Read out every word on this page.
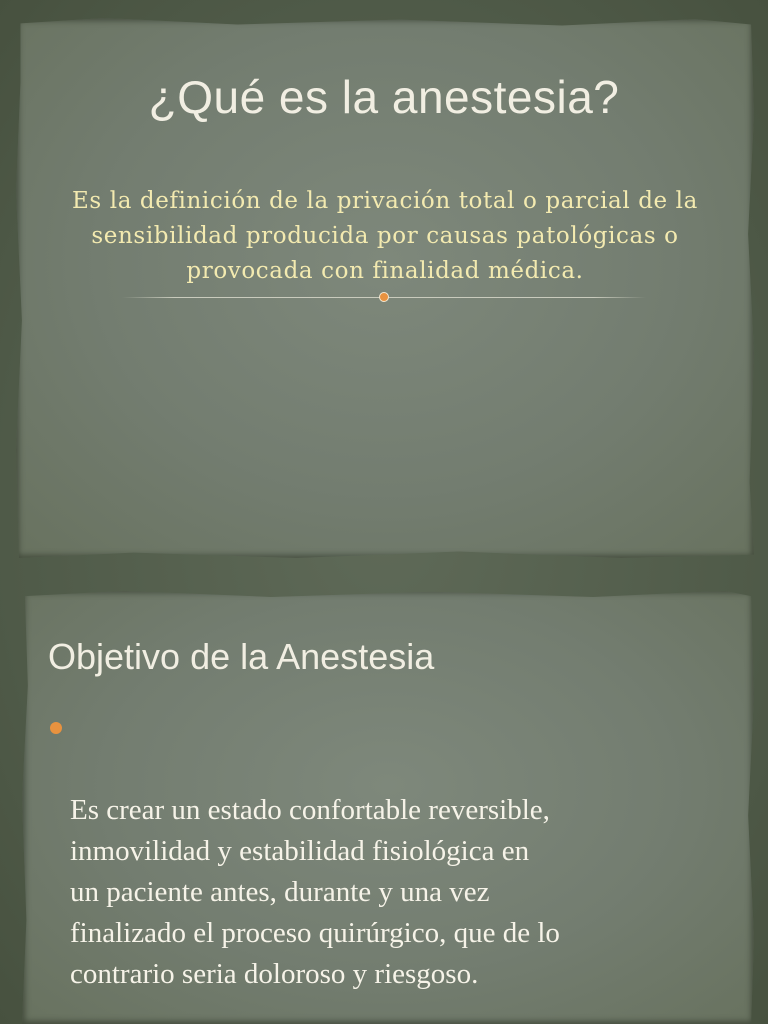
¿Qué es la anestesia?
Es la definición de la privación total o parcial de la sensibilidad producida por causas patológicas o provocada con finalidad médica.
Objetivo de la Anestesia

Es crear un estado confortable reversible,
inmovilidad y estabilidad fisiológica en
un paciente antes, durante y una vez
finalizado el proceso quirúrgico, que de lo
contrario seria doloroso y riesgoso.
